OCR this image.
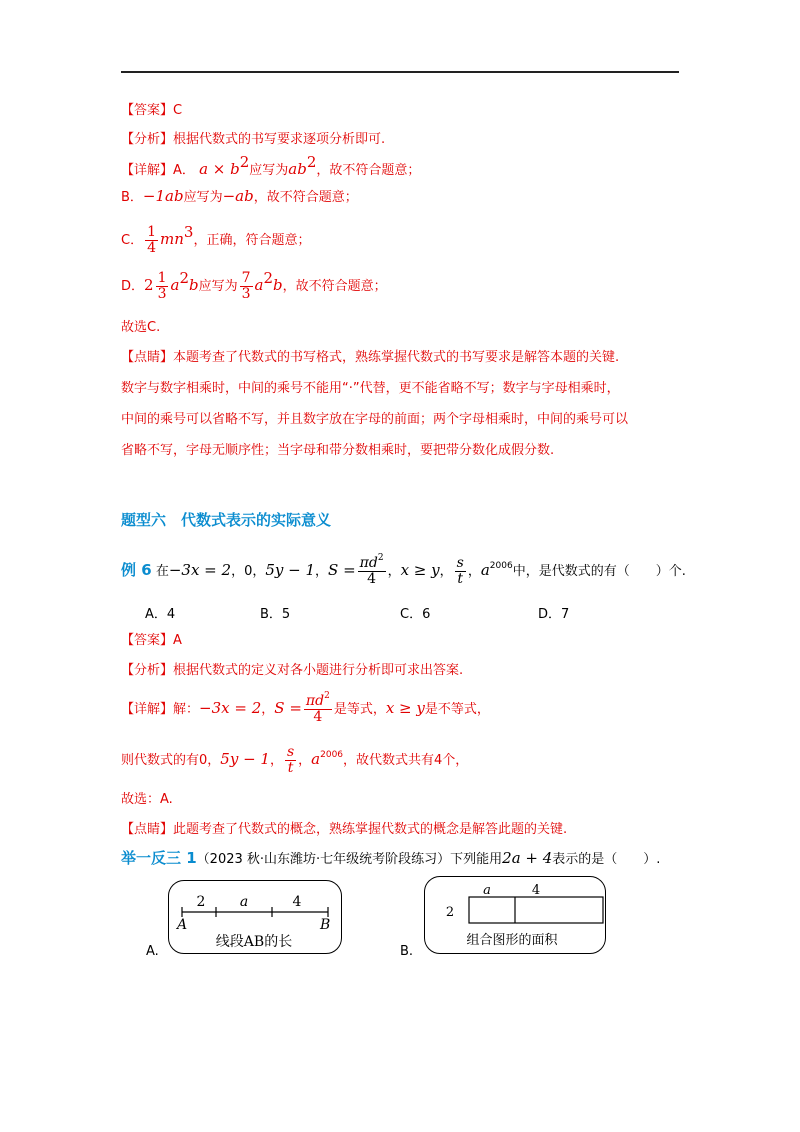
【答案】C
【分析】根据代数式的书写要求逐项分析即可.
【详解】A． $a \times b^2$应写为$ab^2$，故不符合题意；
B．−1ab应写为−ab，故不符合题意；
C． $\frac{1}{4} mn^3$，正确，符合题意；
D．$2 \frac{1}{3} a^2b$应写为 $\frac{7}{3} a^2b$，故不符合题意；
故选C.
【点睛】本题考查了代数式的书写格式，熟练掌握代数式的书写要求是解答本题的关键.
数字与数字相乘时，中间的乘号不能用“·”代替，更不能省略不写；数字与字母相乘时，
中间的乘号可以省略不写，并且数字放在字母的前面；两个字母相乘时，中间的乘号可以
省略不写，字母无顺序性；当字母和带分数相乘时，要把带分数化成假分数.
题型六　代数式表示的实际意义
例 6 在−3x = 2，0，5y − 1，$S = \frac{\pi d^2}{4}$ ，x ≥ y， $\frac{s}{t}$ ，$a^{2006}$中，是代数式的有（　　）个.
A．4	B．5	C．6	D．7
【答案】A
【分析】根据代数式的定义对各小题进行分析即可求出答案.
【详解】解：−3x = 2，$S = \frac{\pi d^2}{4}$ 是等式，x ≥ y是不等式，
则代数式的有0，5y − 1， $\frac{s}{t}$ ，$a^{2006}$，故代数式共有4个，
故选：A.
【点睛】此题考查了代数式的概念，熟练掌握代数式的概念是解答此题的关键.
举一反三 1（2023 秋·山东潍坊·七年级统考阶段练习）下列能用2a + 4表示的是（　　）.
2 a	4
A	B
线段AB的长
A.
a	4
2
组合图形的面积
B.
